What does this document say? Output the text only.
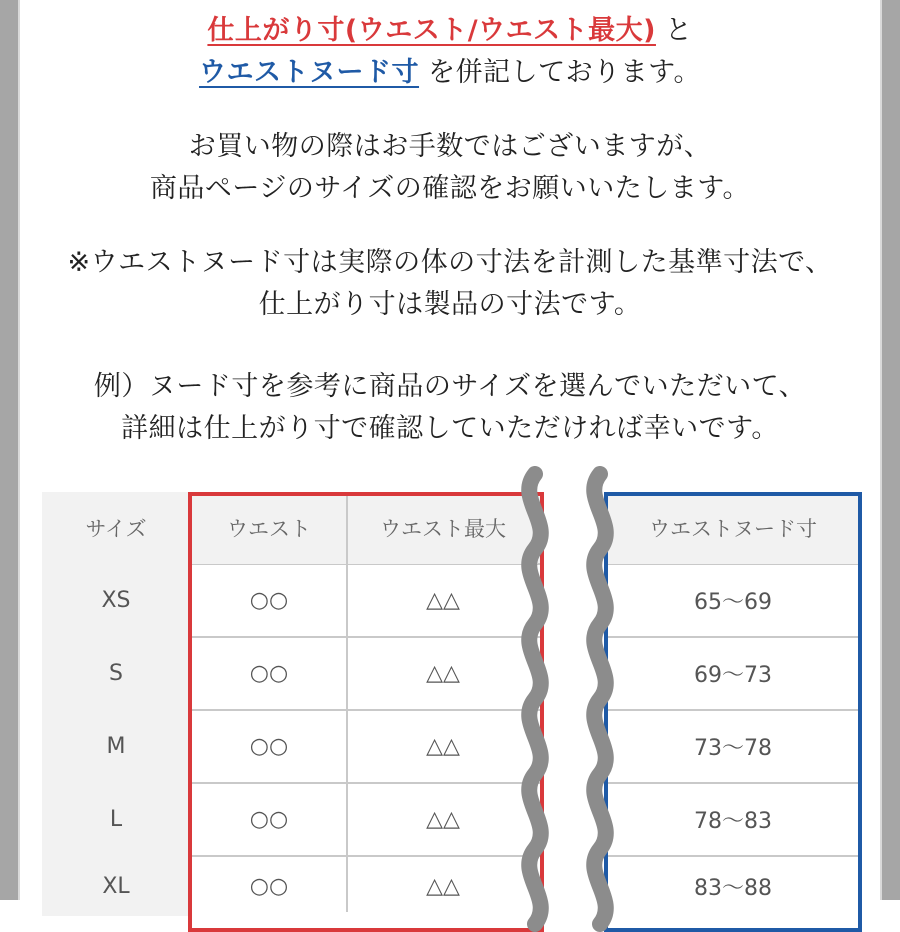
仕上がり寸(ウエスト/ウエスト最大) と
ウエストヌード寸 を併記しております。
お買い物の際はお手数ではございますが、
商品ページのサイズの確認をお願いいたします。
※ウエストヌード寸は実際の体の寸法を計測した基準寸法で、
仕上がり寸は製品の寸法です。
例）ヌード寸を参考に商品のサイズを選んでいただいて、
詳細は仕上がり寸で確認していただければ幸いです。
サイズ	ウエスト	ウエスト最大	ウエストヌード寸
XS	○○	△△	65〜69
S	○○	△△	69〜73
M	○○	△△	73〜78
L	○○	△△	78〜83
XL	○○	△△	83〜88
